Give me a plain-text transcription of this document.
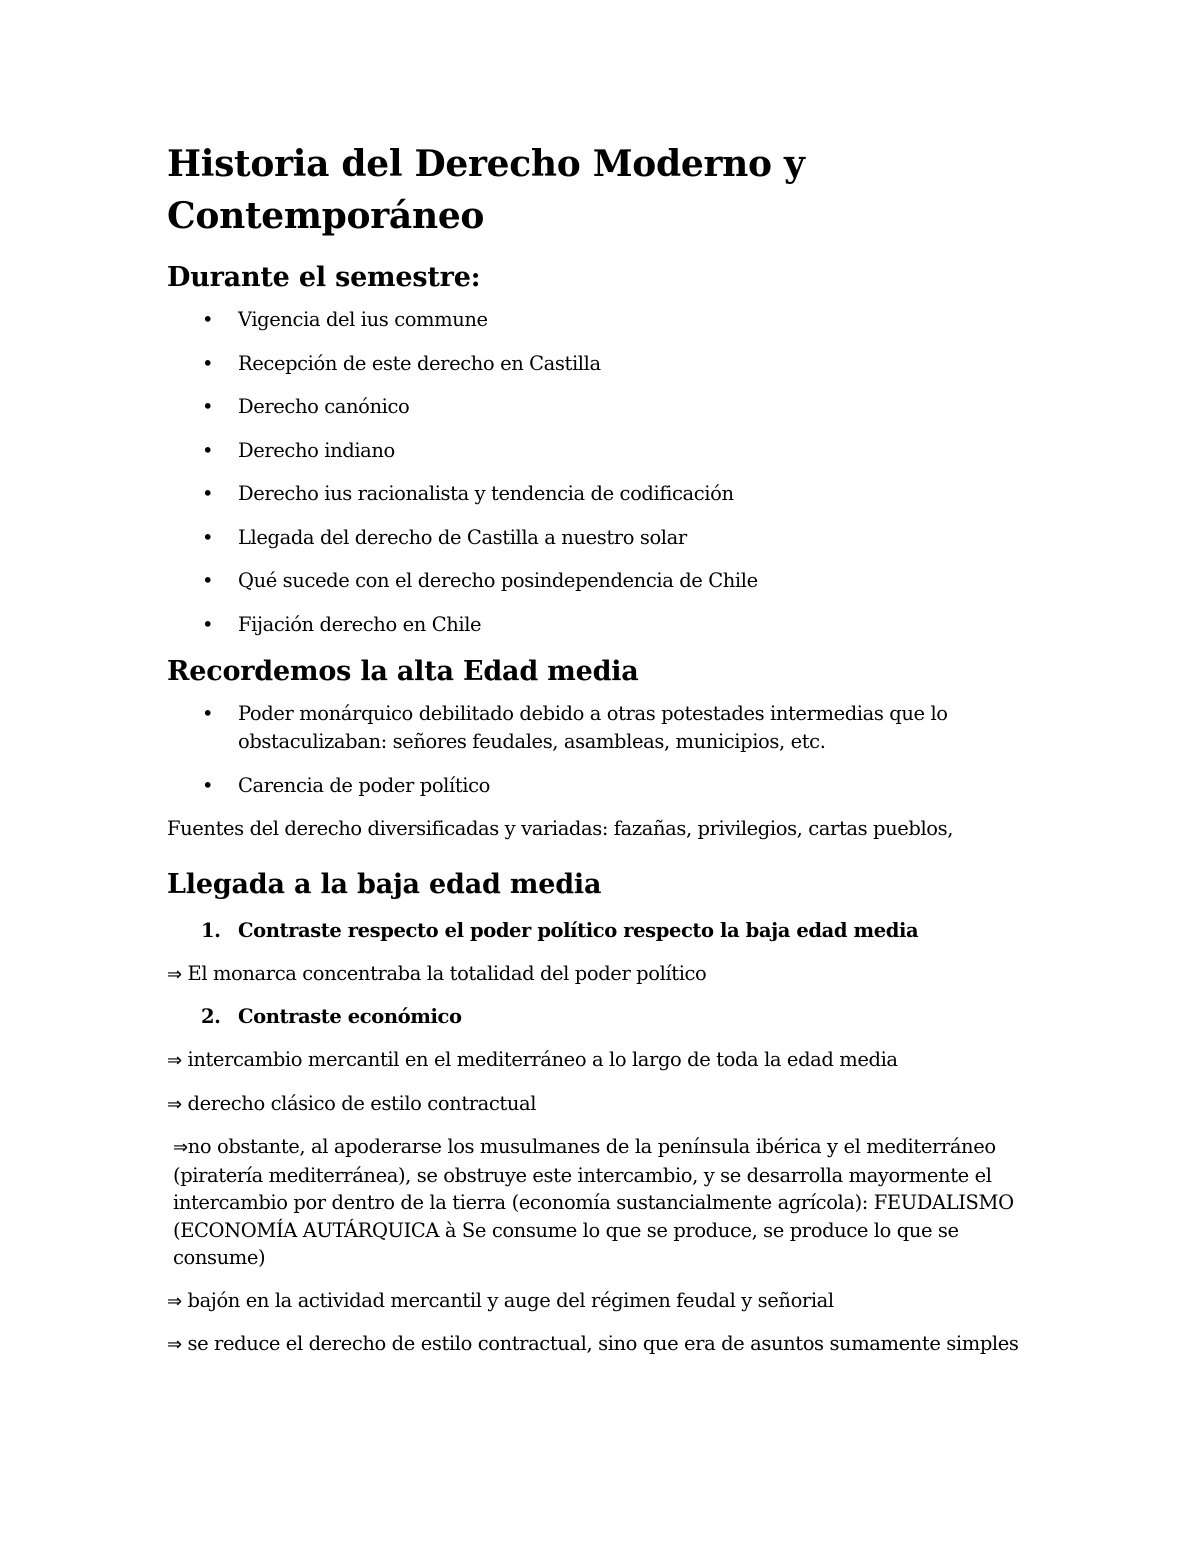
Historia del Derecho Moderno y Contemporáneo
Durante el semestre:
• Vigencia del ius commune
• Recepción de este derecho en Castilla
• Derecho canónico
• Derecho indiano
• Derecho ius racionalista y tendencia de codificación
• Llegada del derecho de Castilla a nuestro solar
• Qué sucede con el derecho posindependencia de Chile
• Fijación derecho en Chile
Recordemos la alta Edad media
• Poder monárquico debilitado debido a otras potestades intermedias que lo obstaculizaban: señores feudales, asambleas, municipios, etc.
• Carencia de poder político

Fuentes del derecho diversificadas y variadas: fazañas, privilegios, cartas pueblos,

Llegada a la baja edad media
1. Contraste respecto el poder político respecto la baja edad media

⇒ El monarca concentraba la totalidad del poder político

2. Contraste económico

⇒ intercambio mercantil en el mediterráneo a lo largo de toda la edad media

⇒ derecho clásico de estilo contractual

⇒no obstante, al apoderarse los musulmanes de la península ibérica y el mediterráneo (piratería mediterránea), se obstruye este intercambio, y se desarrolla mayormente el intercambio por dentro de la tierra (economía sustancialmente agrícola): FEUDALISMO (ECONOMÍA AUTÁRQUICA à Se consume lo que se produce, se produce lo que se consume)

⇒ bajón en la actividad mercantil y auge del régimen feudal y señorial

⇒ se reduce el derecho de estilo contractual, sino que era de asuntos sumamente simples
